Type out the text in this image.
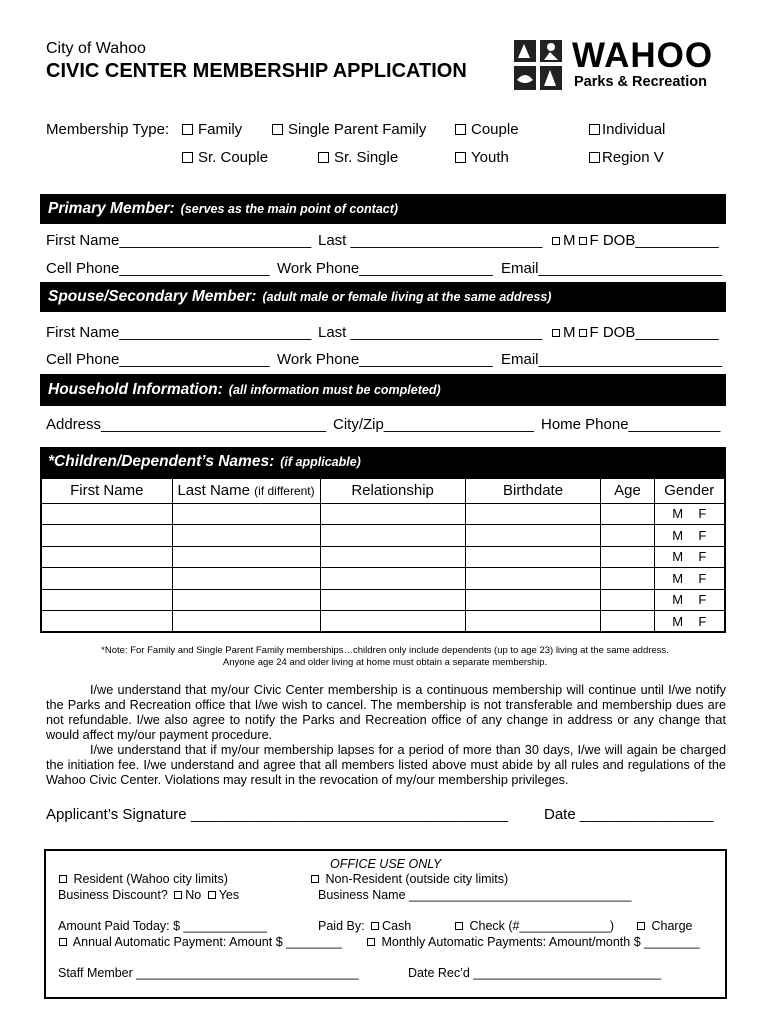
City of Wahoo
CIVIC CENTER MEMBERSHIP APPLICATION	WAHOO
Parks & Recreation
Membership Type:	Family	Single Parent Family	Couple	Individual
Sr. Couple	Sr. Single	Youth	Region V
Primary Member: (serves as the main point of contact)
First Name_______________________ Last _______________________	M F DOB__________
Cell Phone__________________ Work Phone________________ Email______________________
Spouse/Secondary Member: (adult male or female living at the same address)
First Name_______________________ Last _______________________	M F DOB__________
Cell Phone__________________ Work Phone________________ Email______________________
Household Information: (all information must be completed)
Address___________________________ City/Zip__________________ Home Phone___________
*Children/Dependent’s Names: (if applicable)
First Name	Last Name (if different)	Relationship	Birthdate	Age	Gender

					M F

					M F

					M F

					M F

					M F

					M F
*Note: For Family and Single Parent Family memberships…children only include dependents (up to age 23) living at the same address.
Anyone age 24 and older living at home must obtain a separate membership.
I/we understand that my/our Civic Center membership is a continuous membership will continue until I/we notify the Parks and Recreation office that I/we wish to cancel. The membership is not transferable and membership dues are not refundable. I/we also agree to notify the Parks and Recreation office of any change in address or any change that would affect my/our payment procedure.
I/we understand that if my/our membership lapses for a period of more than 30 days, I/we will again be charged the initiation fee. I/we understand and agree that all members listed above must abide by all rules and regulations of the Wahoo Civic Center. Violations may result in the revocation of my/our membership privileges.
Applicant’s Signature ______________________________________ Date ________________
OFFICE USE ONLY
Resident (Wahoo city limits)	Non-Resident (outside city limits)
Business Discount? No Yes	Business Name ________________________________
Amount Paid Today: $ ____________	Paid By: Cash	Check (#_____________)	Charge
Annual Automatic Payment: Amount $ ________	Monthly Automatic Payments: Amount/month $ ________
Staff Member ________________________________	Date Rec’d ___________________________
